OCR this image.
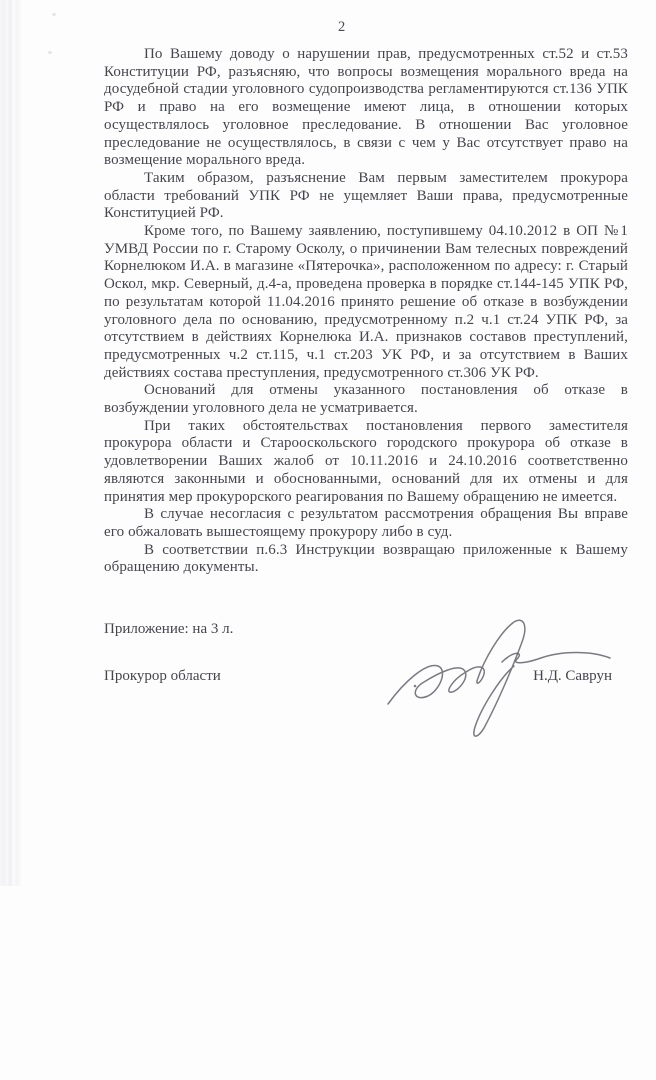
2

По Вашему доводу о нарушении прав, предусмотренных ст.52 и ст.53 Конституции РФ, разъясняю, что вопросы возмещения морального вреда на досудебной стадии уголовного судопроизводства регламентируются ст.136 УПК РФ и право на его возмещение имеют лица, в отношении которых осуществлялось уголовное преследование. В отношении Вас уголовное преследование не осуществлялось, в связи с чем у Вас отсутствует право на возмещение морального вреда.

Таким образом, разъяснение Вам первым заместителем прокурора области требований УПК РФ не ущемляет Ваши права, предусмотренные Конституцией РФ.

Кроме того, по Вашему заявлению, поступившему 04.10.2012 в ОП №1 УМВД России по г. Старому Осколу, о причинении Вам телесных повреждений Корнелюком И.А. в магазине «Пятерочка», расположенном по адресу: г. Старый Оскол, мкр. Северный, д.4-а, проведена проверка в порядке ст.144-145 УПК РФ, по результатам которой 11.04.2016 принято решение об отказе в возбуждении уголовного дела по основанию, предусмотренному п.2 ч.1 ст.24 УПК РФ, за отсутствием в действиях Корнелюка И.А. признаков составов преступлений, предусмотренных ч.2 ст.115, ч.1 ст.203 УК РФ, и за отсутствием в Ваших действиях состава преступления, предусмотренного ст.306 УК РФ.

Оснований для отмены указанного постановления об отказе в возбуждении уголовного дела не усматривается.

При таких обстоятельствах постановления первого заместителя прокурора области и Старооскольского городского прокурора об отказе в удовлетворении Ваших жалоб от 10.11.2016 и 24.10.2016 соответственно являются законными и обоснованными, оснований для их отмены и для принятия мер прокурорского реагирования по Вашему обращению не имеется.

В случае несогласия с результатом рассмотрения обращения Вы вправе его обжаловать вышестоящему прокурору либо в суд.

В соответствии п.6.3 Инструкции возвращаю приложенные к Вашему обращению документы.

Приложение: на 3 л.
Прокурор области	Н.Д. Саврун
